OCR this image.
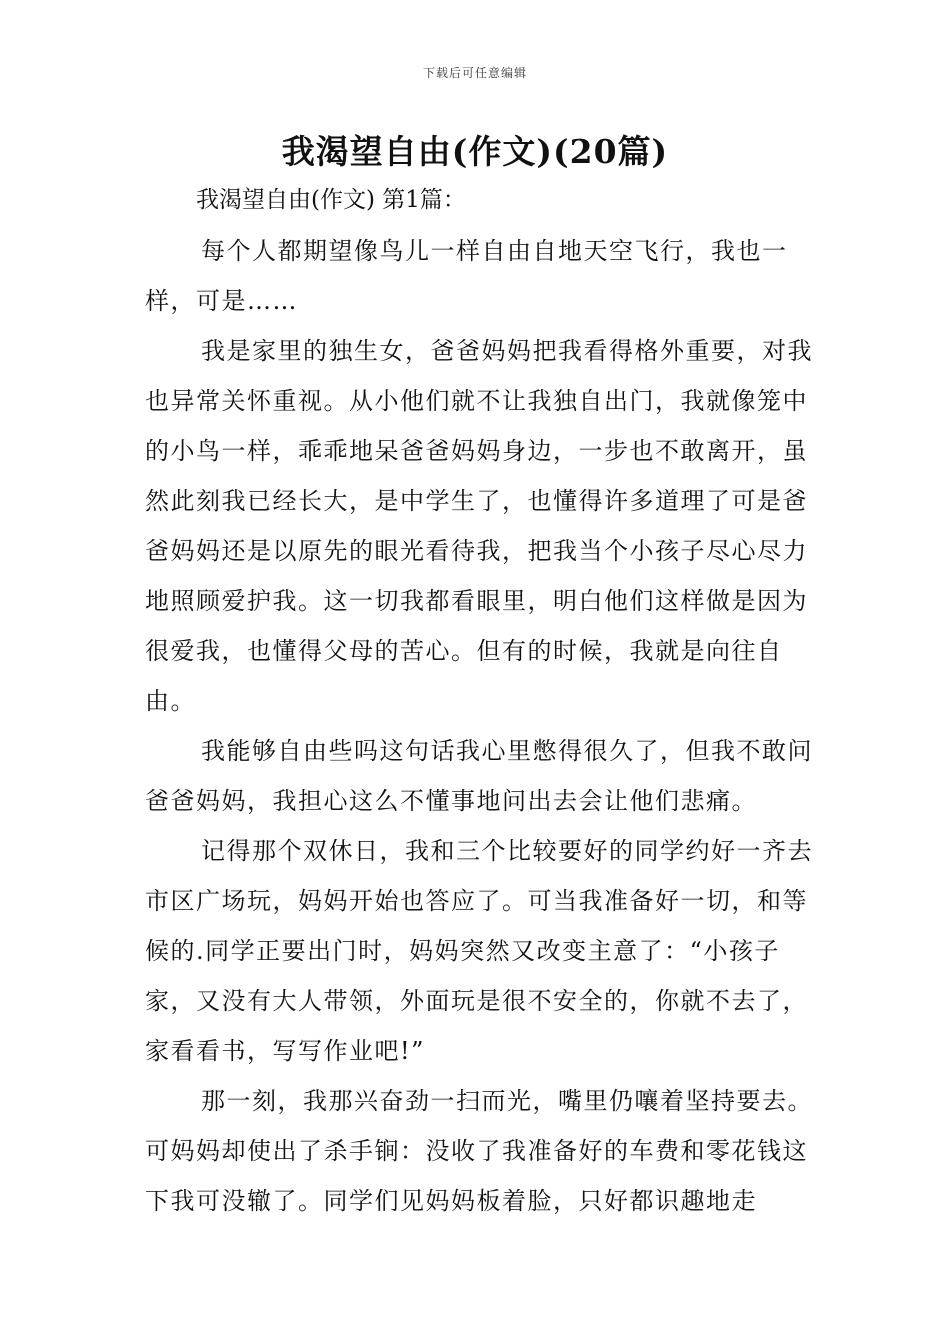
下载后可任意编辑
我渴望自由(作文)(20篇)
我渴望自由(作文) 第1篇：

每个人都期望像鸟儿一样自由自地天空飞行，我也一样，可是……

我是家里的独生女，爸爸妈妈把我看得格外重要，对我也异常关怀重视。从小他们就不让我独自出门，我就像笼中的小鸟一样，乖乖地呆爸爸妈妈身边，一步也不敢离开，虽然此刻我已经长大，是中学生了，也懂得许多道理了可是爸爸妈妈还是以原先的眼光看待我，把我当个小孩子尽心尽力地照顾爱护我。这一切我都看眼里，明白他们这样做是因为很爱我，也懂得父母的苦心。但有的时候，我就是向往自由。

我能够自由些吗这句话我心里憋得很久了，但我不敢问爸爸妈妈，我担心这么不懂事地问出去会让他们悲痛。

记得那个双休日，我和三个比较要好的同学约好一齐去市区广场玩，妈妈开始也答应了。可当我准备好一切，和等候的.同学正要出门时，妈妈突然又改变主意了：“小孩子家，又没有大人带领，外面玩是很不安全的，你就不去了，家看看书，写写作业吧!”

那一刻，我那兴奋劲一扫而光，嘴里仍嚷着坚持要去。可妈妈却使出了杀手锏：没收了我准备好的车费和零花钱这下我可没辙了。同学们见妈妈板着脸，只好都识趣地走
